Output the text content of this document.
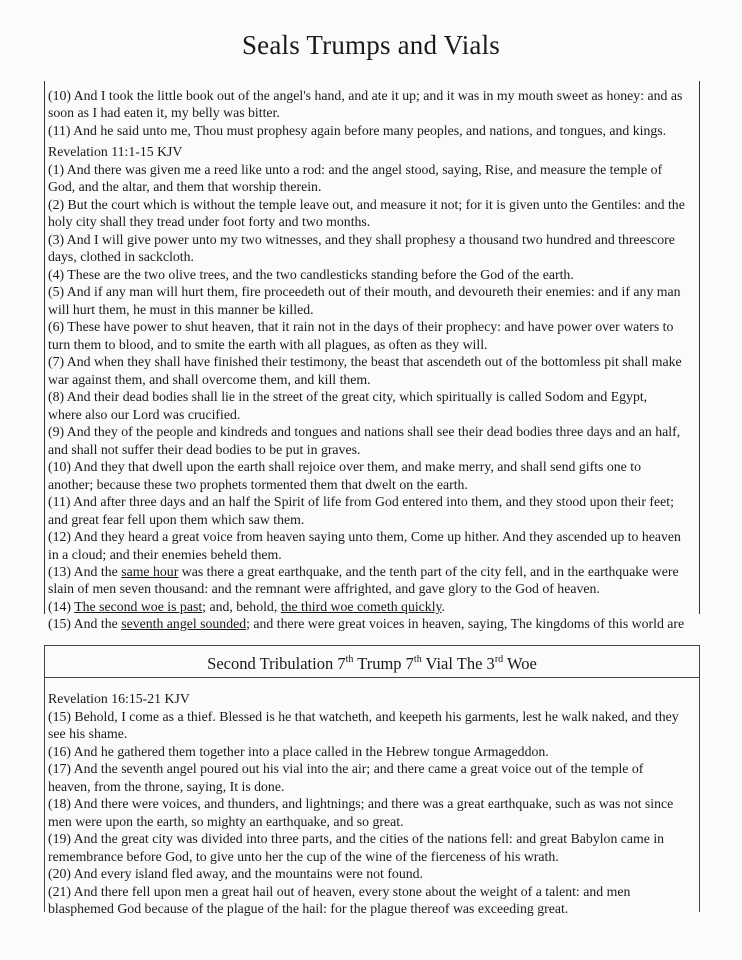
Seals Trumps and Vials
(10) And I took the little book out of the angel's hand, and ate it up; and it was in my mouth sweet as honey: and as
soon as I had eaten it, my belly was bitter.
(11) And he said unto me, Thou must prophesy again before many peoples, and nations, and tongues, and kings.
Revelation 11:1-15 KJV
(1) And there was given me a reed like unto a rod: and the angel stood, saying, Rise, and measure the temple of
God, and the altar, and them that worship therein.
(2) But the court which is without the temple leave out, and measure it not; for it is given unto the Gentiles: and the
holy city shall they tread under foot forty and two months.
(3) And I will give power unto my two witnesses, and they shall prophesy a thousand two hundred and threescore
days, clothed in sackcloth.
(4) These are the two olive trees, and the two candlesticks standing before the God of the earth.
(5) And if any man will hurt them, fire proceedeth out of their mouth, and devoureth their enemies: and if any man
will hurt them, he must in this manner be killed.
(6) These have power to shut heaven, that it rain not in the days of their prophecy: and have power over waters to
turn them to blood, and to smite the earth with all plagues, as often as they will.
(7) And when they shall have finished their testimony, the beast that ascendeth out of the bottomless pit shall make
war against them, and shall overcome them, and kill them.
(8) And their dead bodies shall lie in the street of the great city, which spiritually is called Sodom and Egypt,
where also our Lord was crucified.
(9) And they of the people and kindreds and tongues and nations shall see their dead bodies three days and an half,
and shall not suffer their dead bodies to be put in graves.
(10) And they that dwell upon the earth shall rejoice over them, and make merry, and shall send gifts one to
another; because these two prophets tormented them that dwelt on the earth.
(11) And after three days and an half the Spirit of life from God entered into them, and they stood upon their feet;
and great fear fell upon them which saw them.
(12) And they heard a great voice from heaven saying unto them, Come up hither. And they ascended up to heaven
in a cloud; and their enemies beheld them.
(13) And the same hour was there a great earthquake, and the tenth part of the city fell, and in the earthquake were
slain of men seven thousand: and the remnant were affrighted, and gave glory to the God of heaven.
(14) The second woe is past; and, behold, the third woe cometh quickly.
(15) And the seventh angel sounded; and there were great voices in heaven, saying, The kingdoms of this world are
Second Tribulation 7th Trump 7th Vial The 3rd Woe
Revelation 16:15-21 KJV
(15) Behold, I come as a thief. Blessed is he that watcheth, and keepeth his garments, lest he walk naked, and they
see his shame.
(16) And he gathered them together into a place called in the Hebrew tongue Armageddon.
(17) And the seventh angel poured out his vial into the air; and there came a great voice out of the temple of
heaven, from the throne, saying, It is done.
(18) And there were voices, and thunders, and lightnings; and there was a great earthquake, such as was not since
men were upon the earth, so mighty an earthquake, and so great.
(19) And the great city was divided into three parts, and the cities of the nations fell: and great Babylon came in
remembrance before God, to give unto her the cup of the wine of the fierceness of his wrath.
(20) And every island fled away, and the mountains were not found.
(21) And there fell upon men a great hail out of heaven, every stone about the weight of a talent: and men
blasphemed God because of the plague of the hail: for the plague thereof was exceeding great.
